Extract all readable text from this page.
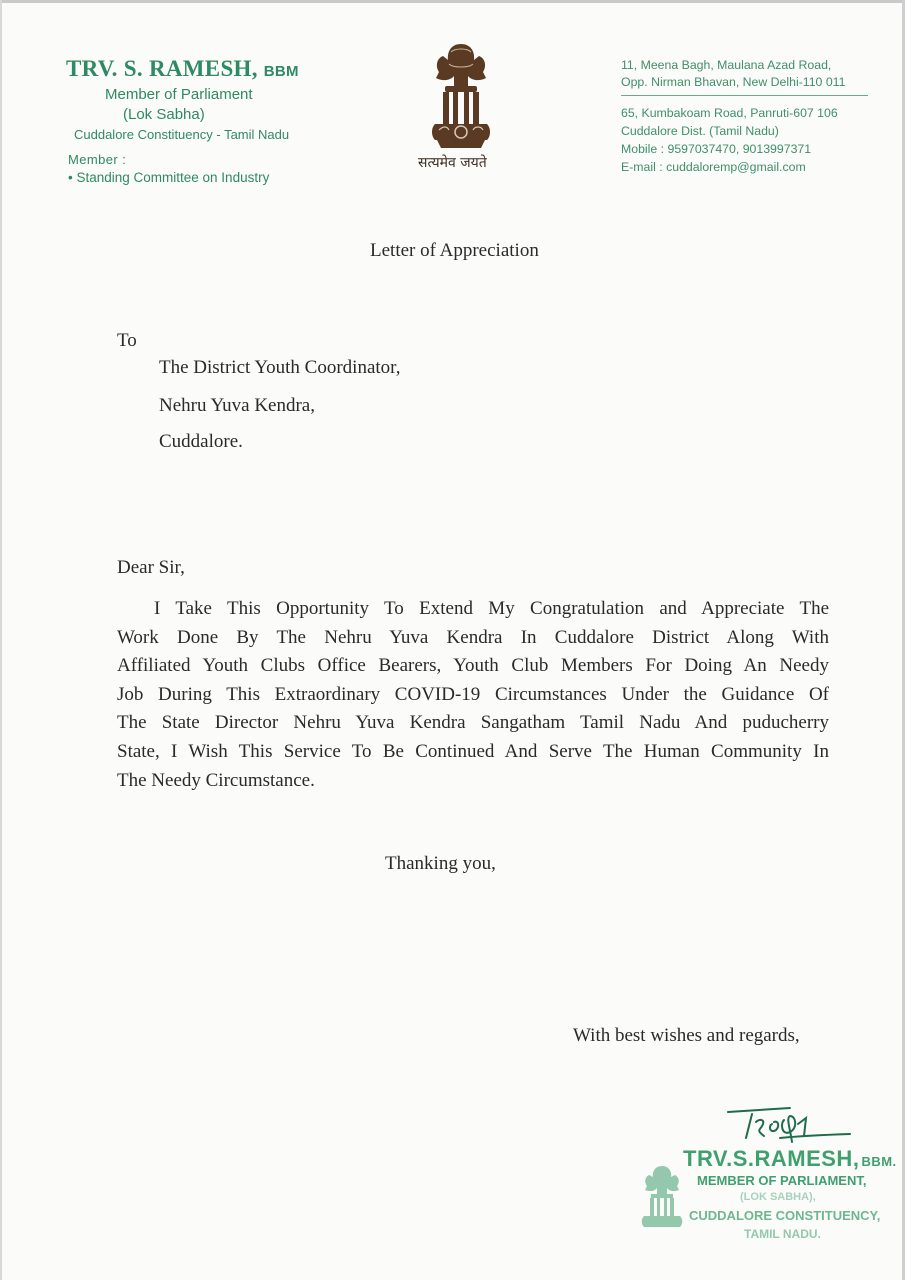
TRV. S. RAMESH, BBM
Member of Parliament
(Lok Sabha)
Cuddalore Constituency - Tamil Nadu
Member :
• Standing Committee on Industry
सत्यमेव जयते
11, Meena Bagh, Maulana Azad Road,
Opp. Nirman Bhavan, New Delhi-110 011
65, Kumbakoam Road, Panruti-607 106
Cuddalore Dist. (Tamil Nadu)
Mobile : 9597037470, 9013997371
E-mail : cuddaloremp@gmail.com
Letter of Appreciation
To
The District Youth Coordinator,
Nehru Yuva Kendra,
Cuddalore.
Dear Sir,
I Take This Opportunity To Extend My Congratulation and Appreciate The
Work Done By The Nehru Yuva Kendra In Cuddalore District Along With
Affiliated Youth Clubs Office Bearers, Youth Club Members For Doing An Needy
Job During This Extraordinary COVID-19 Circumstances Under the Guidance Of
The State Director Nehru Yuva Kendra Sangatham Tamil Nadu And puducherry
State, I Wish This Service To Be Continued And Serve The Human Community In
The Needy Circumstance.
Thanking you,
With best wishes and regards,
TRV.S.RAMESH, BBM.
MEMBER OF PARLIAMENT,
(LOK SABHA),
CUDDALORE CONSTITUENCY,
TAMIL NADU.
